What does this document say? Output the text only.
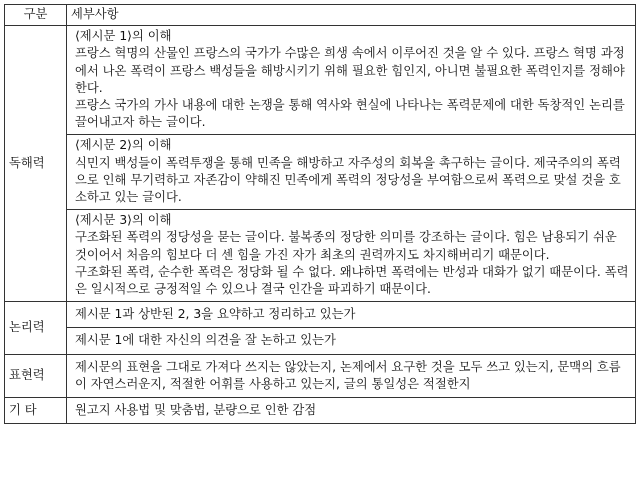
구분	세부사항
독해력	⟨제시문 1⟩의 이해
프랑스 혁명의 산물인 프랑스의 국가가 수많은 희생 속에서 이루어진 것을 알 수 있다. 프랑스 혁명 과정에서 나온 폭력이 프랑스 백성들을 해방시키기 위해 필요한 힘인지, 아니면 불필요한 폭력인지를 정해야 한다.
프랑스 국가의 가사 내용에 대한 논쟁을 통해 역사와 현실에 나타나는 폭력문제에 대한 독창적인 논리를 끌어내고자 하는 글이다.

	⟨제시문 2⟩의 이해
식민지 백성들이 폭력투쟁을 통해 민족을 해방하고 자주성의 회복을 촉구하는 글이다. 제국주의의 폭력으로 인해 무기력하고 자존감이 약해진 민족에게 폭력의 정당성을 부여함으로써 폭력으로 맞설 것을 호소하고 있는 글이다.

	⟨제시문 3⟩의 이해
구조화된 폭력의 정당성을 묻는 글이다. 불복종의 정당한 의미를 강조하는 글이다. 힘은 남용되기 쉬운 것이어서 처음의 힘보다 더 센 힘을 가진 자가 최초의 권력까지도 차지해버리기 때문이다.
구조화된 폭력, 순수한 폭력은 정당화 될 수 없다. 왜냐하면 폭력에는 반성과 대화가 없기 때문이다. 폭력은 일시적으로 긍정적일 수 있으나 결국 인간을 파괴하기 때문이다.

논리력	제시문 1과 상반된 2, 3을 요약하고 정리하고 있는가
	제시문 1에 대한 자신의 의견을 잘 논하고 있는가
표현력	제시문의 표현을 그대로 가져다 쓰지는 않았는지, 논제에서 요구한 것을 모두 쓰고 있는지, 문맥의 흐름이 자연스러운지, 적절한 어휘를 사용하고 있는지, 글의 통일성은 적절한지
기 타	원고지 사용법 및 맞춤법, 분량으로 인한 감점
